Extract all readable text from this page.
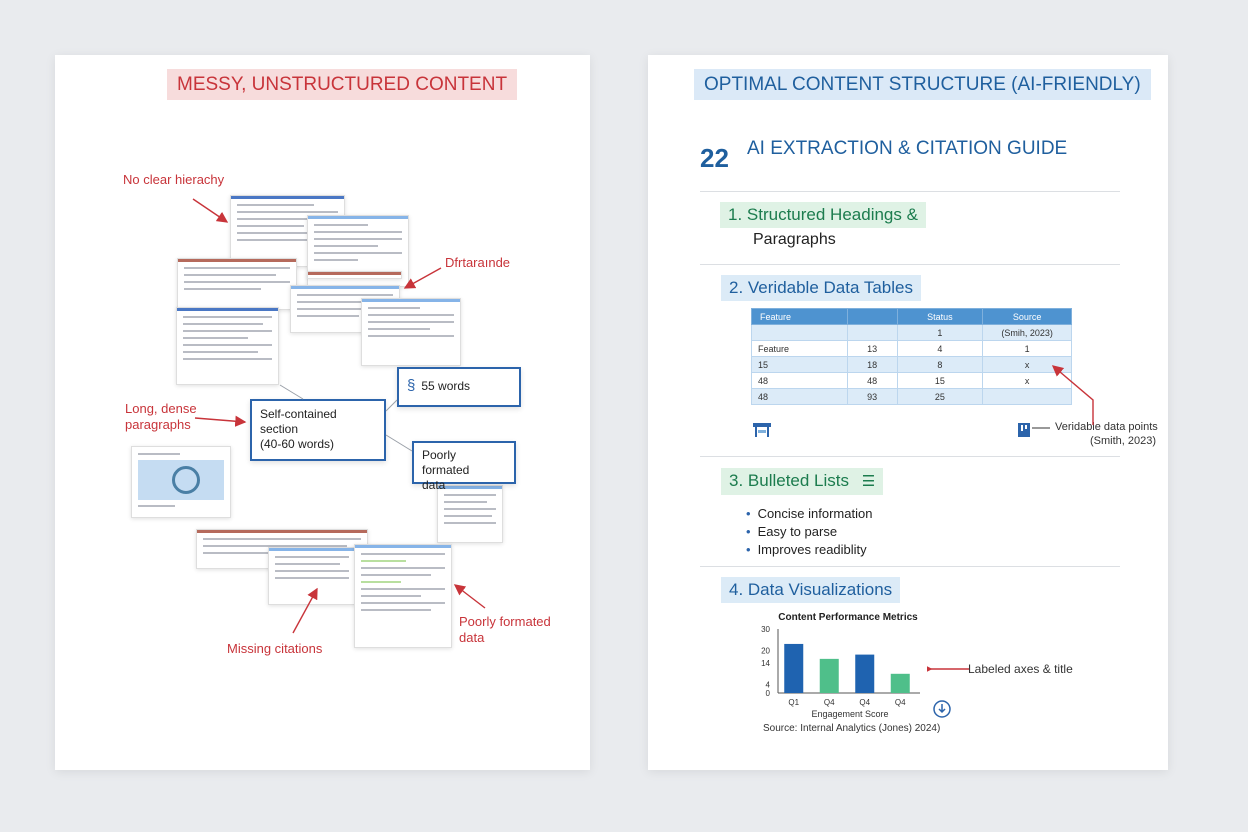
MESSY, UNSTRUCTURED CONTENT
No clear hierachy
Dfrtaraınde
Long, dense
paragraphs
Missing citations
Poorly formated
data
Self-contained section
(40-60 words)
§ 55 words
Poorly formated
data
OPTIMAL CONTENT STRUCTURE (AI-FRIENDLY)
22 AI EXTRACTION & CITATION GUIDE
1. Structured Headings &
Paragraphs
2. Veridable Data Tables
Feature		Status	Source
		1	(Smih, 2023)
Feature	13	4	1
15	18	8	x
48	48	15	x
48	93	25	
Veridable data points
(Smith, 2023)
3. Bulleted Lists ☰
• Concise information
• Easy to parse
• Improves readiblity
4. Data Visualizations
Content Performance Metrics
30
20
14
4
0
Q1	Q4	Q4	Q4
Engagement Score
Labeled axes & title
Source: Internal Analytics (Jones) 2024)
